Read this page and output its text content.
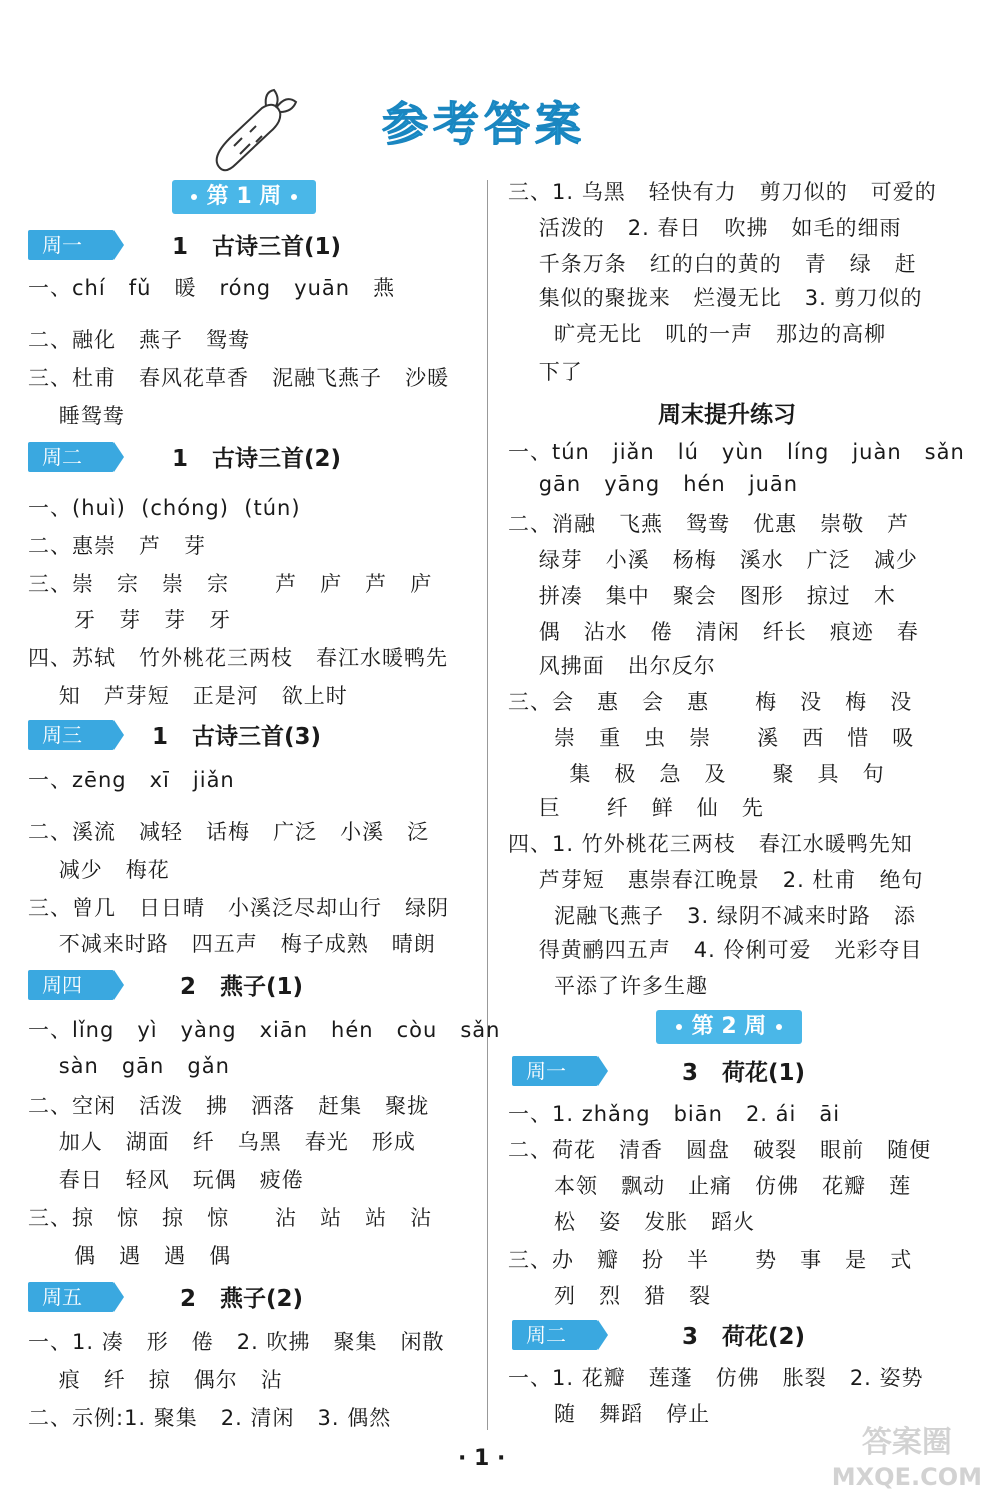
参考答案
第 1 周
周一	1   古诗三首(1)
一、chí   fǔ   暖   róng   yuān   燕
二、融化   燕子   鸳鸯
三、杜甫   春风花草香   泥融飞燕子   沙暖
睡鸳鸯
周二	1   古诗三首(2)
一、(huì)  (chóng)  (tún)
二、惠崇   芦   芽
三、崇   宗   崇   宗      芦   庐   芦   庐
牙   芽   芽   牙
四、苏轼   竹外桃花三两枝   春江水暖鸭先
知   芦芽短   正是河   欲上时
周三	1   古诗三首(3)
一、zēng   xī   jiǎn
二、溪流   减轻   话梅   广泛   小溪   泛
减少   梅花
三、曾几   日日晴   小溪泛尽却山行   绿阴
不减来时路   四五声   梅子成熟   晴朗
周四	2   燕子(1)
一、lǐng   yì   yàng   xiān   hén   còu   sǎn
sàn   gān   gǎn
二、空闲   活泼   拂   洒落   赶集   聚拢
加人   湖面   纤   乌黑   春光   形成
春日   轻风   玩偶   疲倦
三、掠   惊   掠   惊      沾   站   站   沾
偶   遇   遇   偶
周五	2   燕子(2)
一、1. 凑   形   倦   2. 吹拂   聚集   闲散
痕   纤   掠   偶尔   沾
二、示例:1. 聚集   2. 清闲   3. 偶然
三、1. 乌黑   轻快有力   剪刀似的   可爱的
活泼的   2. 春日   吹拂   如毛的细雨
千条万条   红的白的黄的   青   绿   赶
集似的聚拢来   烂漫无比   3. 剪刀似的
旷亮无比   叽的一声   那边的高柳
下了
周末提升练习
一、tún   jiǎn   lú   yùn   líng   juàn   sǎn
gān   yāng   hén   juān
二、消融   飞燕   鸳鸯   优惠   崇敬   芦
绿芽   小溪   杨梅   溪水   广泛   减少
拼凑   集中   聚会   图形   掠过   木
偶   沾水   倦   清闲   纤长   痕迹   春
风拂面   出尔反尔
三、会   惠   会   惠      梅   没   梅   没
崇   重   虫   崇      溪   西   惜   吸
集   极   急   及      聚   具   句
巨      纤   鲜   仙   先
四、1. 竹外桃花三两枝   春江水暖鸭先知
芦芽短   惠崇春江晚景   2. 杜甫   绝句
泥融飞燕子   3. 绿阴不减来时路   添
得黄鹂四五声   4. 伶俐可爱   光彩夺目
平添了许多生趣
第 2 周
周一	3   荷花(1)
一、1. zhǎng   biān   2. ái   āi
二、荷花   清香   圆盘   破裂   眼前   随便
本领   飘动   止痛   仿佛   花瓣   莲
松   姿   发胀   蹈火
三、办   瓣   扮   半      势   事   是   式
列   烈   猎   裂
周二	3   荷花(2)
一、1. 花瓣   莲蓬   仿佛   胀裂   2. 姿势
随   舞蹈   停止
· 1 ·	答案圈
MXQE.COM
